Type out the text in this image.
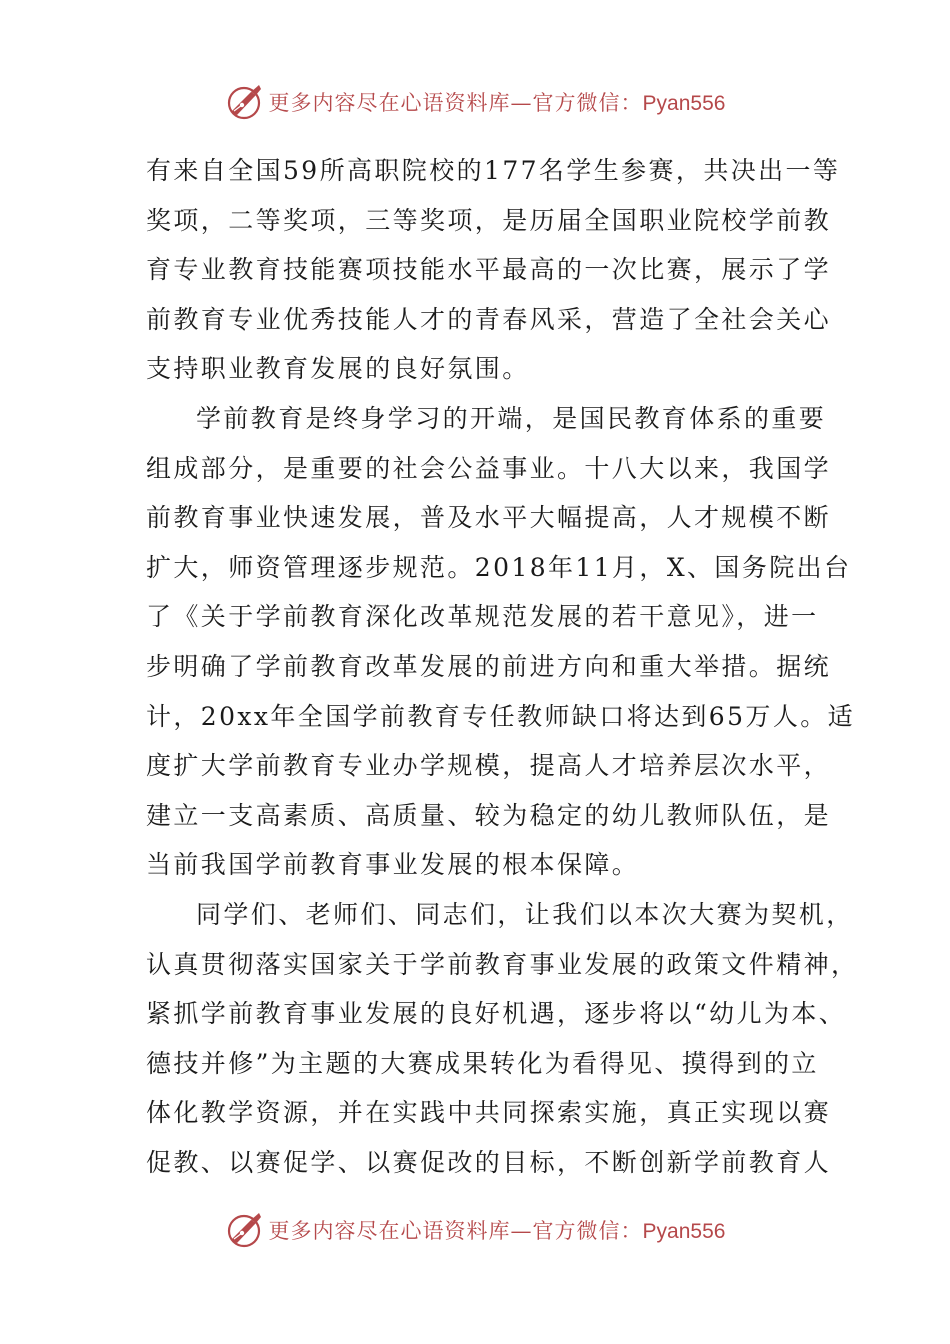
更多内容尽在心语资料库—官方微信：Pyan556
有来自全国59所高职院校的177名学生参赛，共决出一等
奖项，二等奖项，三等奖项，是历届全国职业院校学前教
育专业教育技能赛项技能水平最高的一次比赛，展示了学
前教育专业优秀技能人才的青春风采，营造了全社会关心
支持职业教育发展的良好氛围。
学前教育是终身学习的开端，是国民教育体系的重要
组成部分，是重要的社会公益事业。十八大以来，我国学
前教育事业快速发展，普及水平大幅提高，人才规模不断
扩大，师资管理逐步规范。2018年11月，X、国务院出台
了《关于学前教育深化改革规范发展的若干意见》，进一
步明确了学前教育改革发展的前进方向和重大举措。据统
计，20xx年全国学前教育专任教师缺口将达到65万人。适
度扩大学前教育专业办学规模，提高人才培养层次水平，
建立一支高素质、高质量、较为稳定的幼儿教师队伍，是
当前我国学前教育事业发展的根本保障。
同学们、老师们、同志们，让我们以本次大赛为契机，
认真贯彻落实国家关于学前教育事业发展的政策文件精神，
紧抓学前教育事业发展的良好机遇，逐步将以“幼儿为本、
德技并修”为主题的大赛成果转化为看得见、摸得到的立
体化教学资源，并在实践中共同探索实施，真正实现以赛
促教、以赛促学、以赛促改的目标，不断创新学前教育人
更多内容尽在心语资料库—官方微信：Pyan556
